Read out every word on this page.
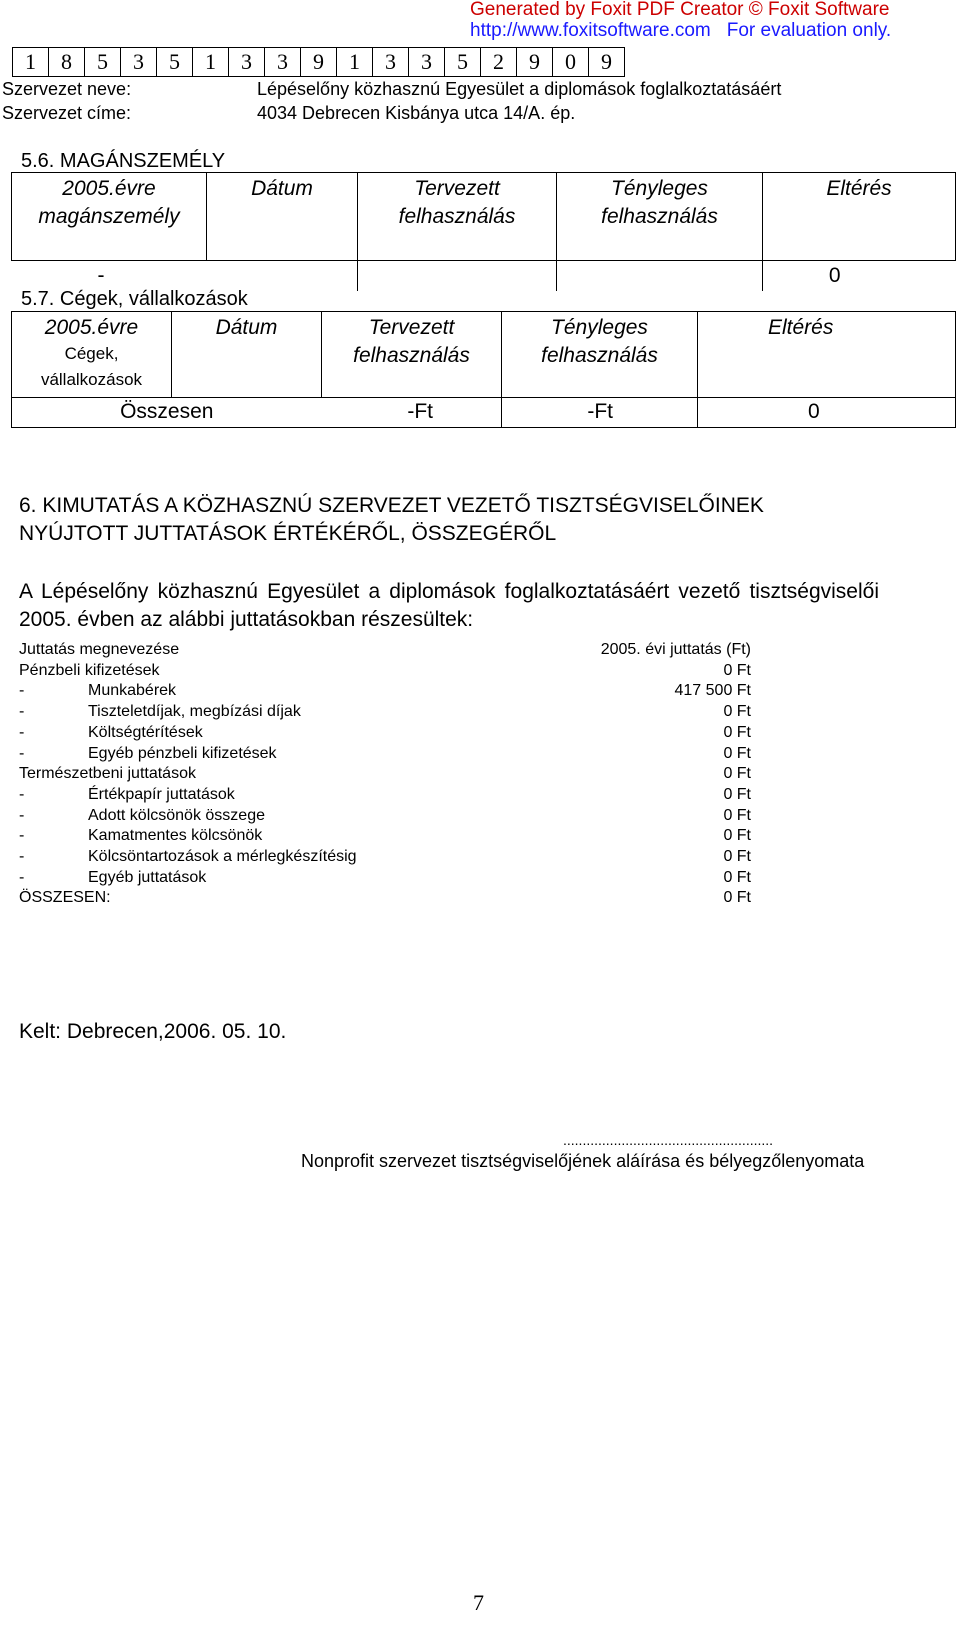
Generated by Foxit PDF Creator © Foxit Software
http://www.foxitsoftware.com For evaluation only.
1	8	5	3	5	1	3	3	9	1	3	3	5	2	9	0	9
Szervezet neve:	Lépéselőny közhasznú Egyesület a diplomások foglalkoztatásáért
Szervezet címe:	4034 Debrecen Kisbánya utca 14/A. ép.
5.6. MAGÁNSZEMÉLY
2005.évre magánszemély	Dátum	Tervezett felhasználás	Tényleges felhasználás	Eltérés
-				0
5.7. Cégek, vállalkozások
2005.évre
Cégek, vállalkozások	Dátum	Tervezett felhasználás	Tényleges felhasználás	Eltérés
Összesen		-Ft	-Ft	0
6. KIMUTATÁS A KÖZHASZNÚ SZERVEZET VEZETŐ TISZTSÉGVISELŐINEK
NYÚJTOTT JUTTATÁSOK ÉRTÉKÉRŐL, ÖSSZEGÉRŐL
A Lépéselőny közhasznú Egyesület a diplomások foglalkoztatásáért vezető tisztségviselői 2005. évben az alábbi juttatásokban részesültek:
Juttatás megnevezése		2005. évi juttatás (Ft)
Pénzbeli kifizetések		0 Ft
-	Munkabérek	417 500 Ft
-	Tiszteletdíjak, megbízási díjak	0 Ft
-	Költségtérítések	0 Ft
-	Egyéb pénzbeli kifizetések	0 Ft
Természetbeni juttatások		0 Ft
-	Értékpapír juttatások	0 Ft
-	Adott kölcsönök összege	0 Ft
-	Kamatmentes kölcsönök	0 Ft
-	Kölcsöntartozások a mérlegkészítésig	0 Ft
-	Egyéb juttatások	0 Ft
ÖSSZESEN:		0 Ft
Kelt: Debrecen,2006. 05. 10.
......................................................
Nonprofit szervezet tisztségviselőjének aláírása és bélyegzőlenyomata
7
